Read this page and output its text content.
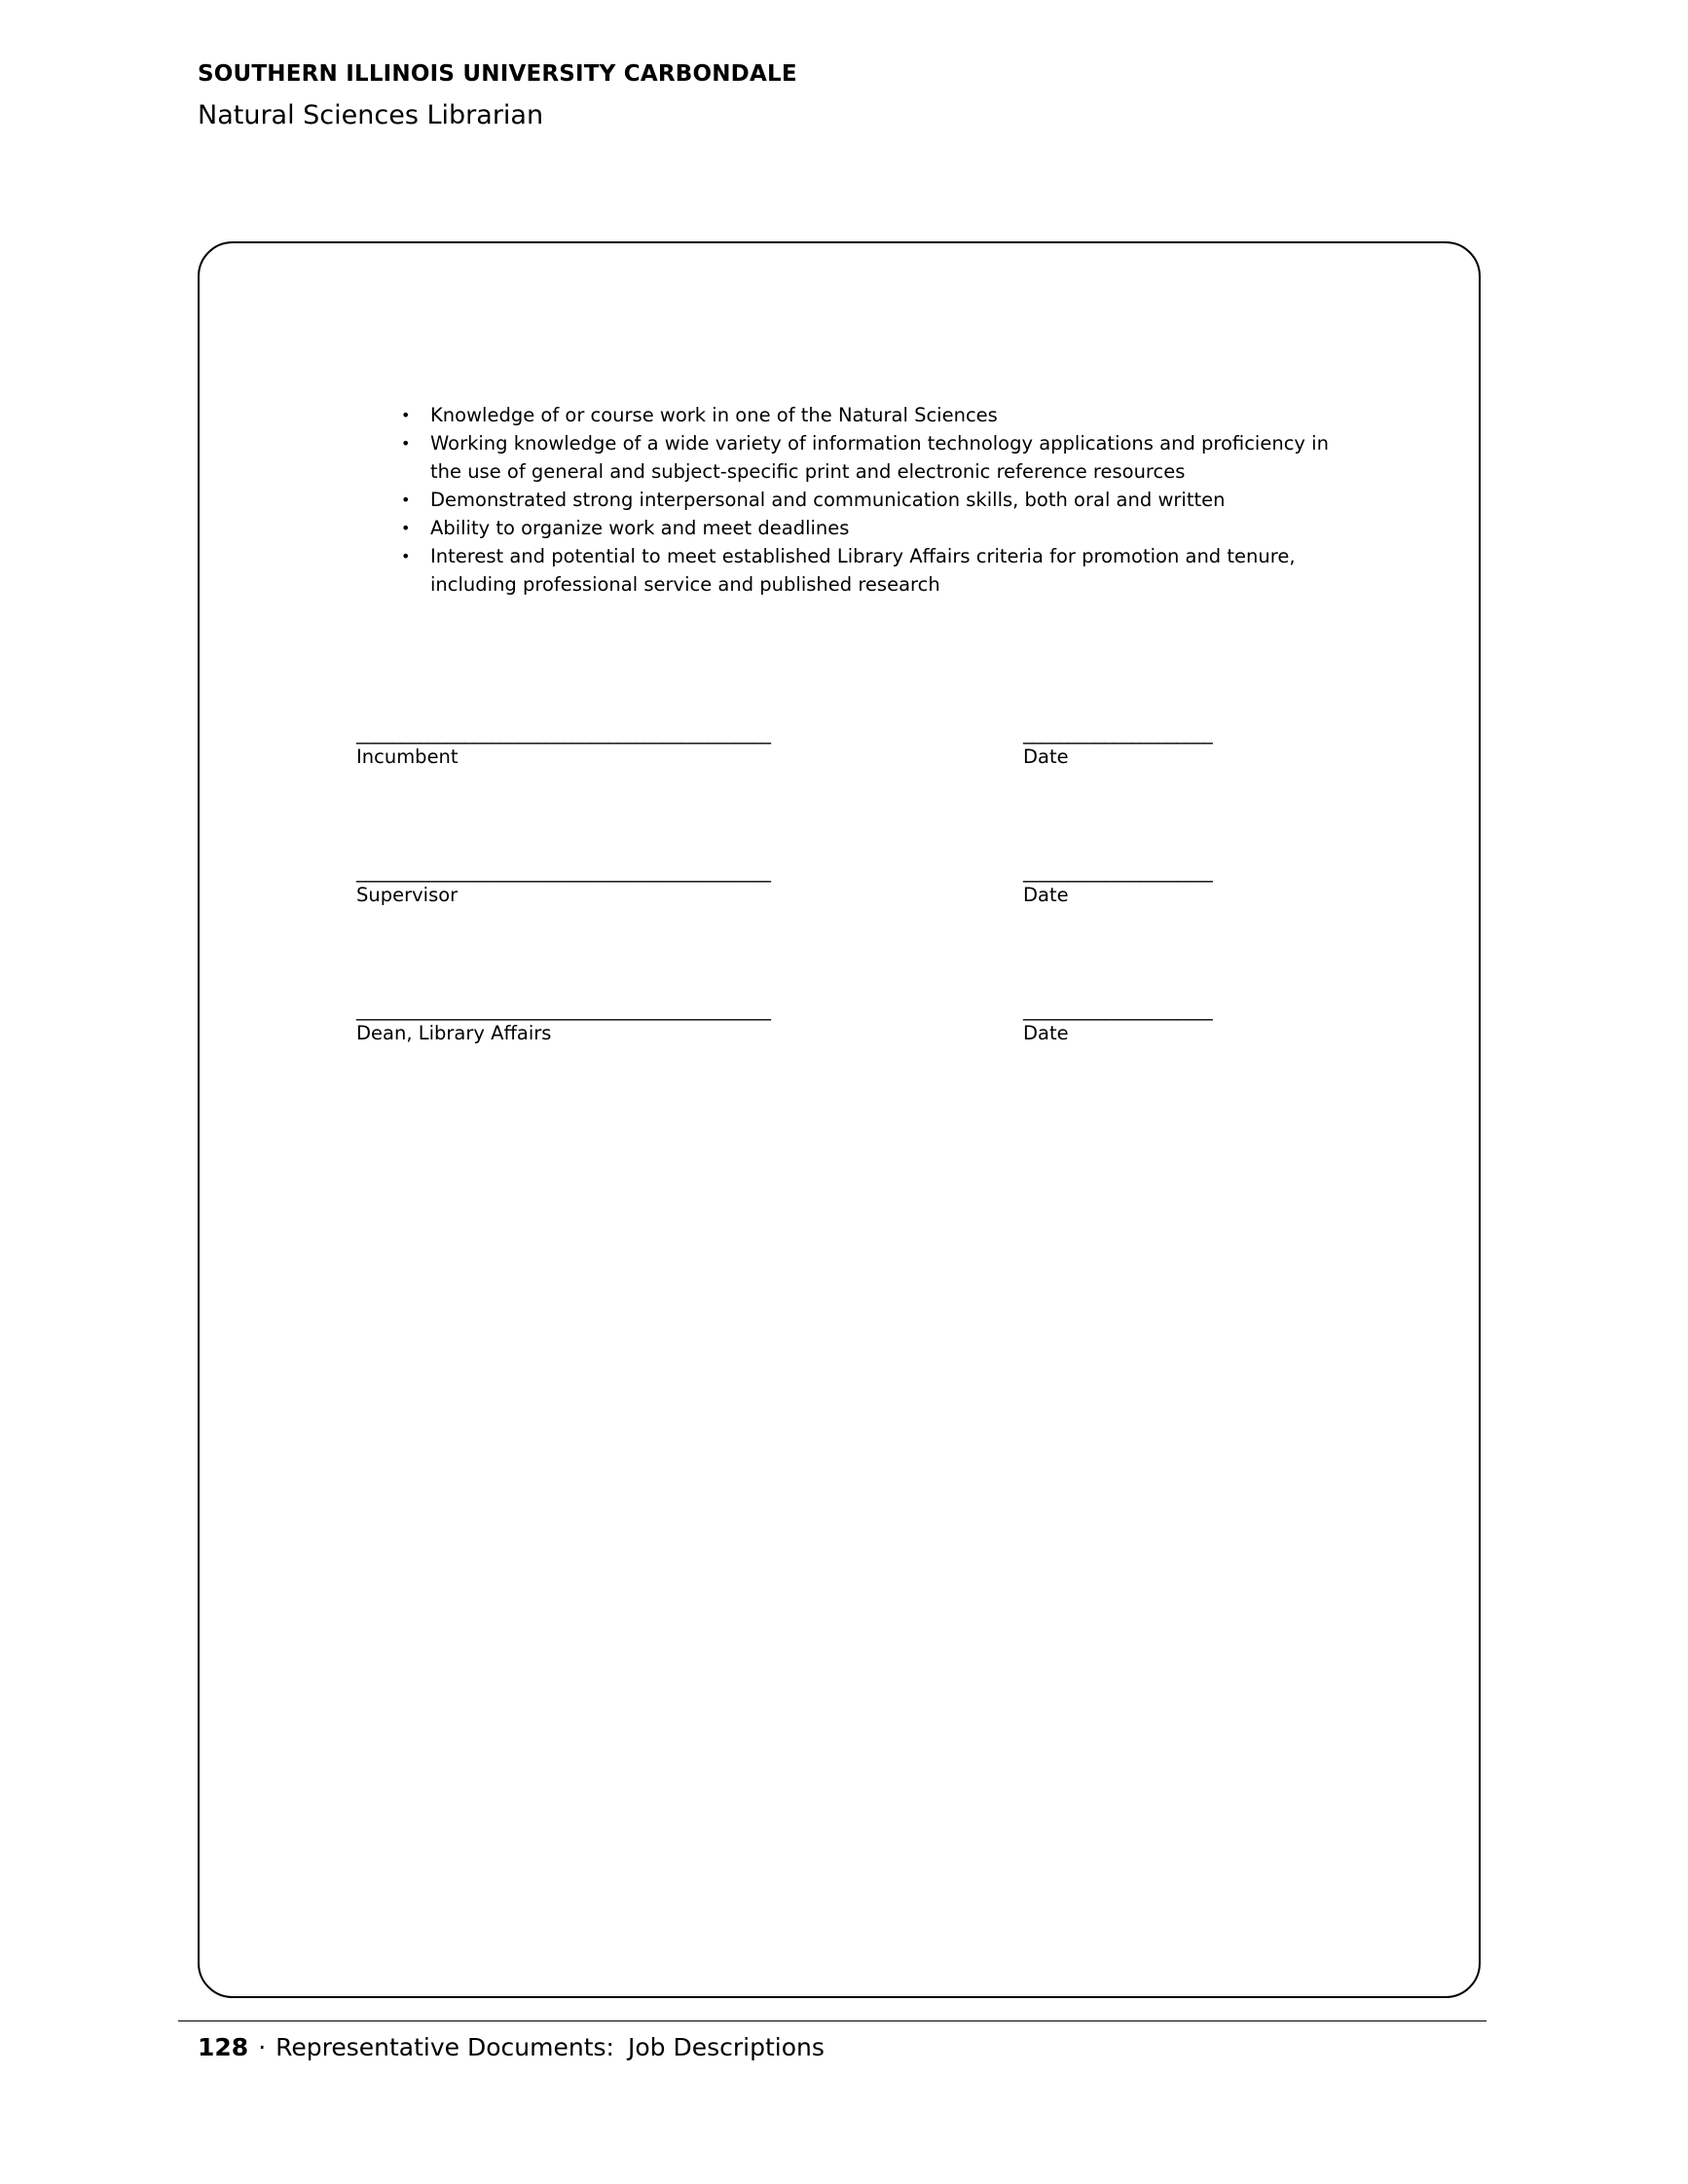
SOUTHERN ILLINOIS UNIVERSITY CARBONDALE
Natural Sciences Librarian
•	Knowledge of or course work in one of the Natural Sciences
•	Working knowledge of a wide variety of information technology applications and proficiency in the use of general and subject-specific print and electronic reference resources
•	Demonstrated strong interpersonal and communication skills, both oral and written
•	Ability to organize work and meet deadlines
•	Interest and potential to meet established Library Affairs criteria for promotion and tenure, including professional service and published research
______________________________________________
Incumbent
_____________________
Date
______________________________________________
Supervisor
_____________________
Date
______________________________________________
Dean, Library Affairs
_____________________
Date
128 · Representative Documents: Job Descriptions
